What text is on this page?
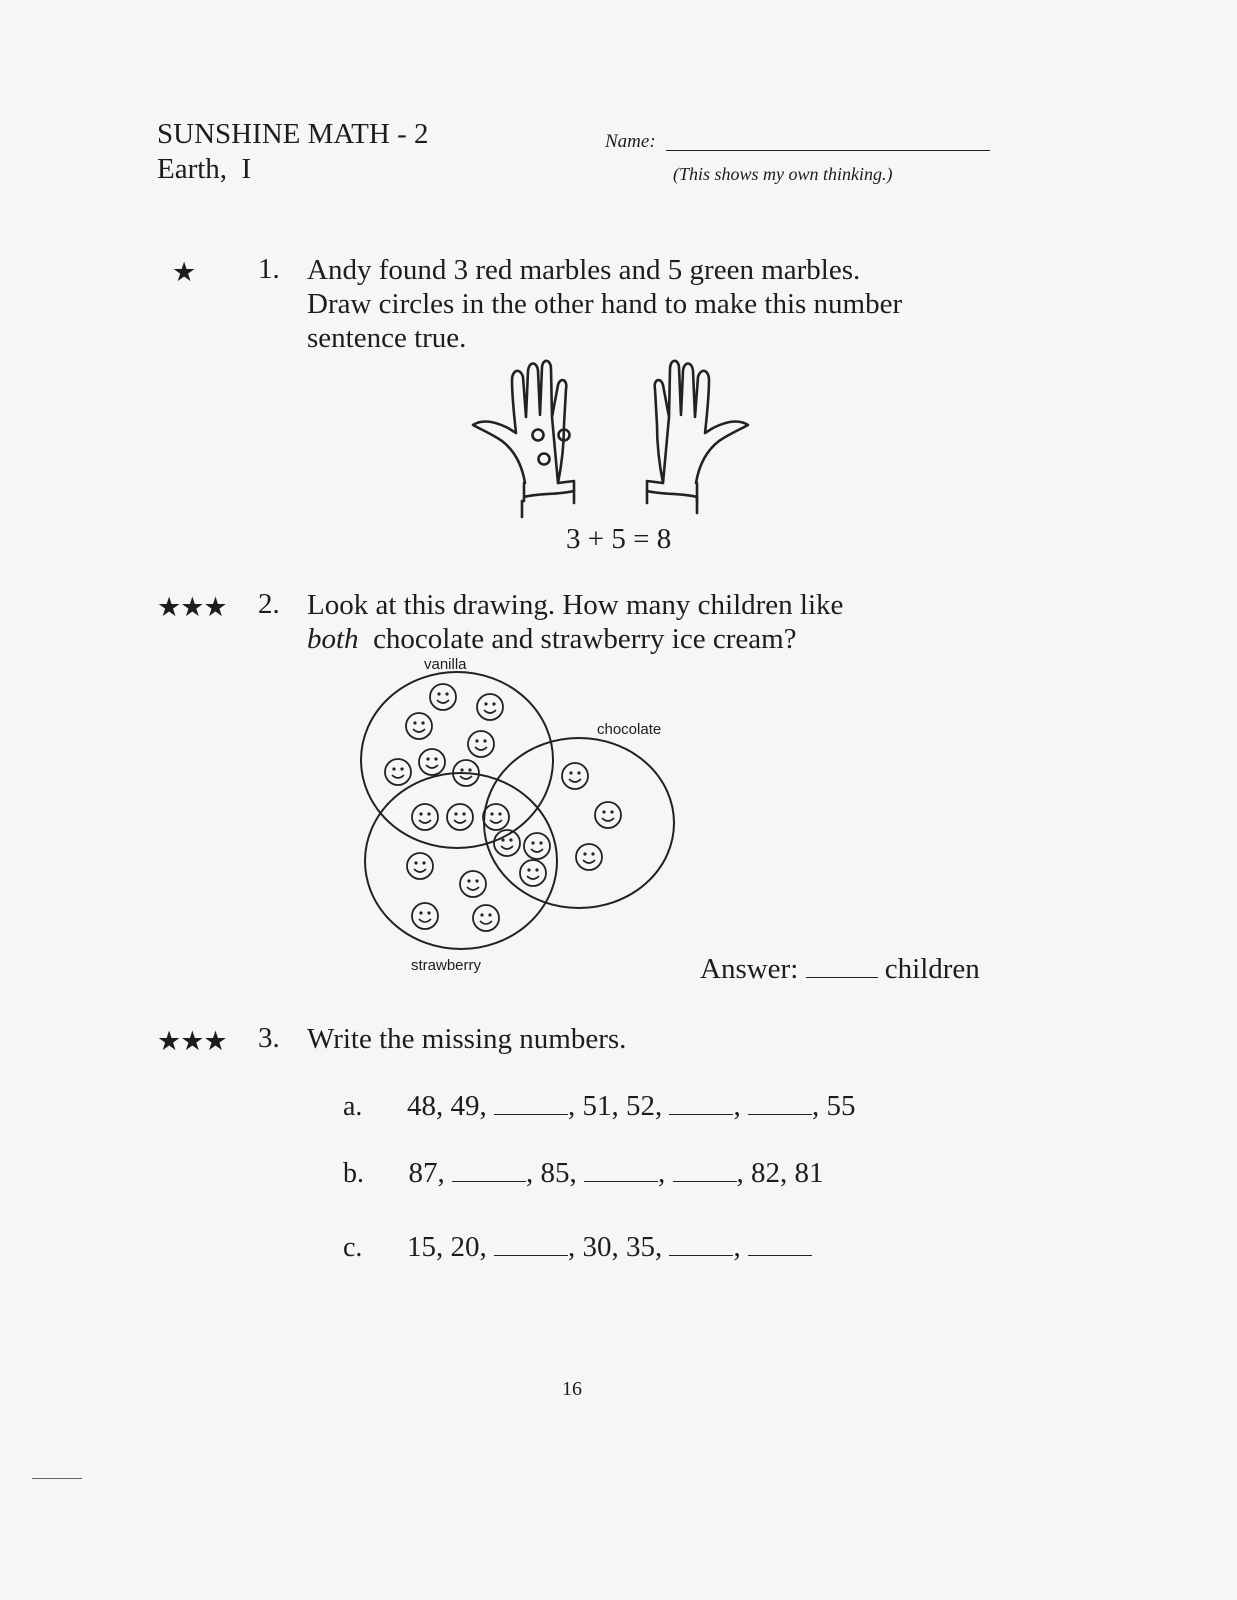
SUNSHINE MATH - 2
Earth,  I
Name:
(This shows my own thinking.)
★ 1. Andy found 3 red marbles and 5 green marbles.
Draw circles in the other hand to make this number
sentence true.
3 + 5 = 8
★★★ 2. Look at this drawing. How many children like
both  chocolate and strawberry ice cream?
vanilla
chocolate
strawberry	Answer:	children
★★★ 3. Write the missing numbers.
a. 48, 49,	, 51, 52, , , 55
b. 87,	, 85,	, , 82, 81
c. 15, 20,	, 30, 35, ,
16
